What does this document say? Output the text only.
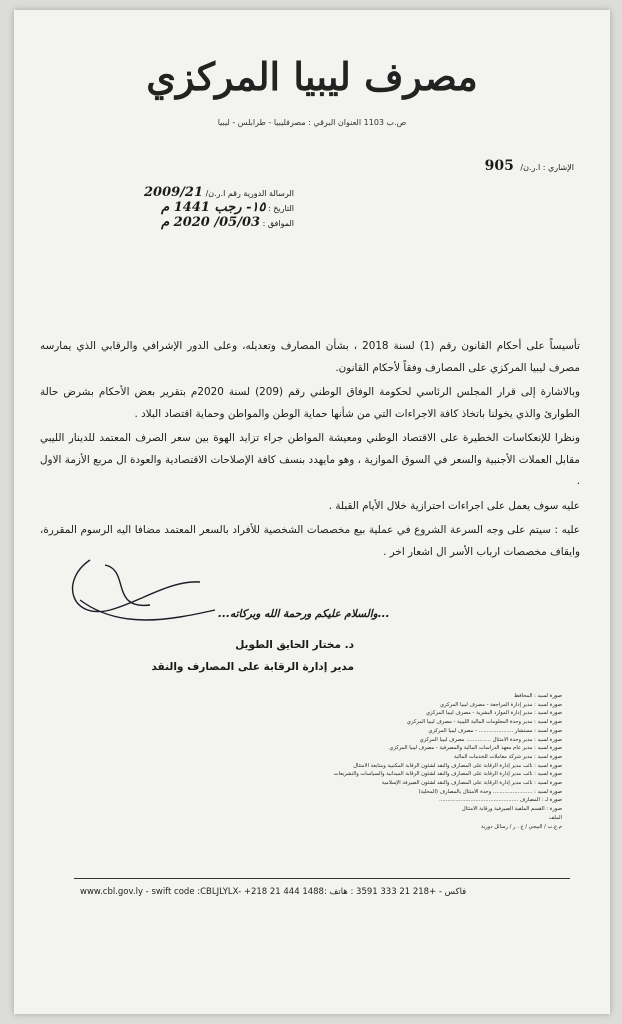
مصرف ليبيا المركزي
ص.ب 1103 العنوان البرقي : مصرفليبيا - طرابلس - ليبيا
الإشاري : ا.ر.ن/ 905
الرسالة الدورية رقم ا.ر.ن/ 2009/21
التاريخ : ١٥- رجب 1441 م
الموافق : 05/03/ 2020 م

تأسيساً على أحكام القانون رقم (1) لسنة 2018 ، بشأن المصارف وتعديله، وعلى الدور الإشرافي والرقابي الذي يمارسه مصرف ليبيا المركزي على المصارف وفقاً لأحكام القانون.

وبالاشارة إلى قرار المجلس الرئاسي لحكومة الوفاق الوطني رقم (209) لسنة 2020م بتقرير بعض الأحكام بشرض حالة الطوارئ والذي يخولنا باتخاذ كافة الاجراءات التي من شأنها حماية الوطن والمواطن وحماية اقتصاد البلاد .

ونظرا للإنعكاسات الخطيرة على الاقتصاد الوطني ومعيشة المواطن جراء تزايد الهوة بين سعر الصرف المعتمد للدينار الليبي مقابل العملات الأجنبية والسعر في السوق الموازية ، وهو مايهدد بنسف كافة الإصلاحات الاقتصادية والعودة ال مربع الأزمة الاول .

عليه سوف يعمل على اجراءات احترازية خلال الأيام القبلة .

عليه : سيتم على وجه السرعة الشروع في عملية بيع مخصصات الشخصية للأفراد بالسعر المعتمد مضافا اليه الرسوم المقررة، وايقاف مخصصات ارباب الأسر ال اشعار اخر .

...والسلام عليكم ورحمة الله وبركاته...
د. مختار الحايق الطويل
مدير إدارة الرقابة على المصارف والنقد
صورة لسيد : المحافظ
صورة لسيد : مدير إدارة المراجعة - مصرف ليبيا المركزي
صورة لسيد : مدير إدارة الموارد البشرية - مصرف ليبيا المركزي
صورة لسيد : مدير وحدة المعلومات المالية الليبية - مصرف ليبيا المركزي
صورة لسيد : مستشار ..................... - مصرف ليبيا المركزي
صورة لسيد : مدير وحدة الامتثال ............... مصرف ليبيا المركزي
صورة لسيد : مدير عام معهد الدراسات المالية والمصرفية - مصرف ليبيا المركزي
صورة لسيد : مدير شركة معاملات للخدمات المالية
صورة لسيد : نائب مدير إدارة الرقابة على المصارف والنقد لشئون الرقابة المكتبية ومتابعة الامتثال
صورة لسيد : نائب مدير إدارة الرقابة على المصارف والنقد لشئون الرقابة الميدانية والسياسات والتشريعات
صورة لسيد : نائب مدير إدارة الرقابة على المصارف والنقد لشئون الصيرفة الإسلامية
صورة لسيد : ........................ وحدة الامتثال بالمصارف (المحلية)
صورة لـ : المصارف ................................................
صورة : القسم الملفية الصيرفية ورقابة الامتثال
الملف
م.ع.ب / البيجي / ع . ر / رسائل دورية
www.cbl.gov.ly - swift code :CBLJLYLX- +218 21 444 1488: فاكس - +218 21 333 3591 : هاتف
